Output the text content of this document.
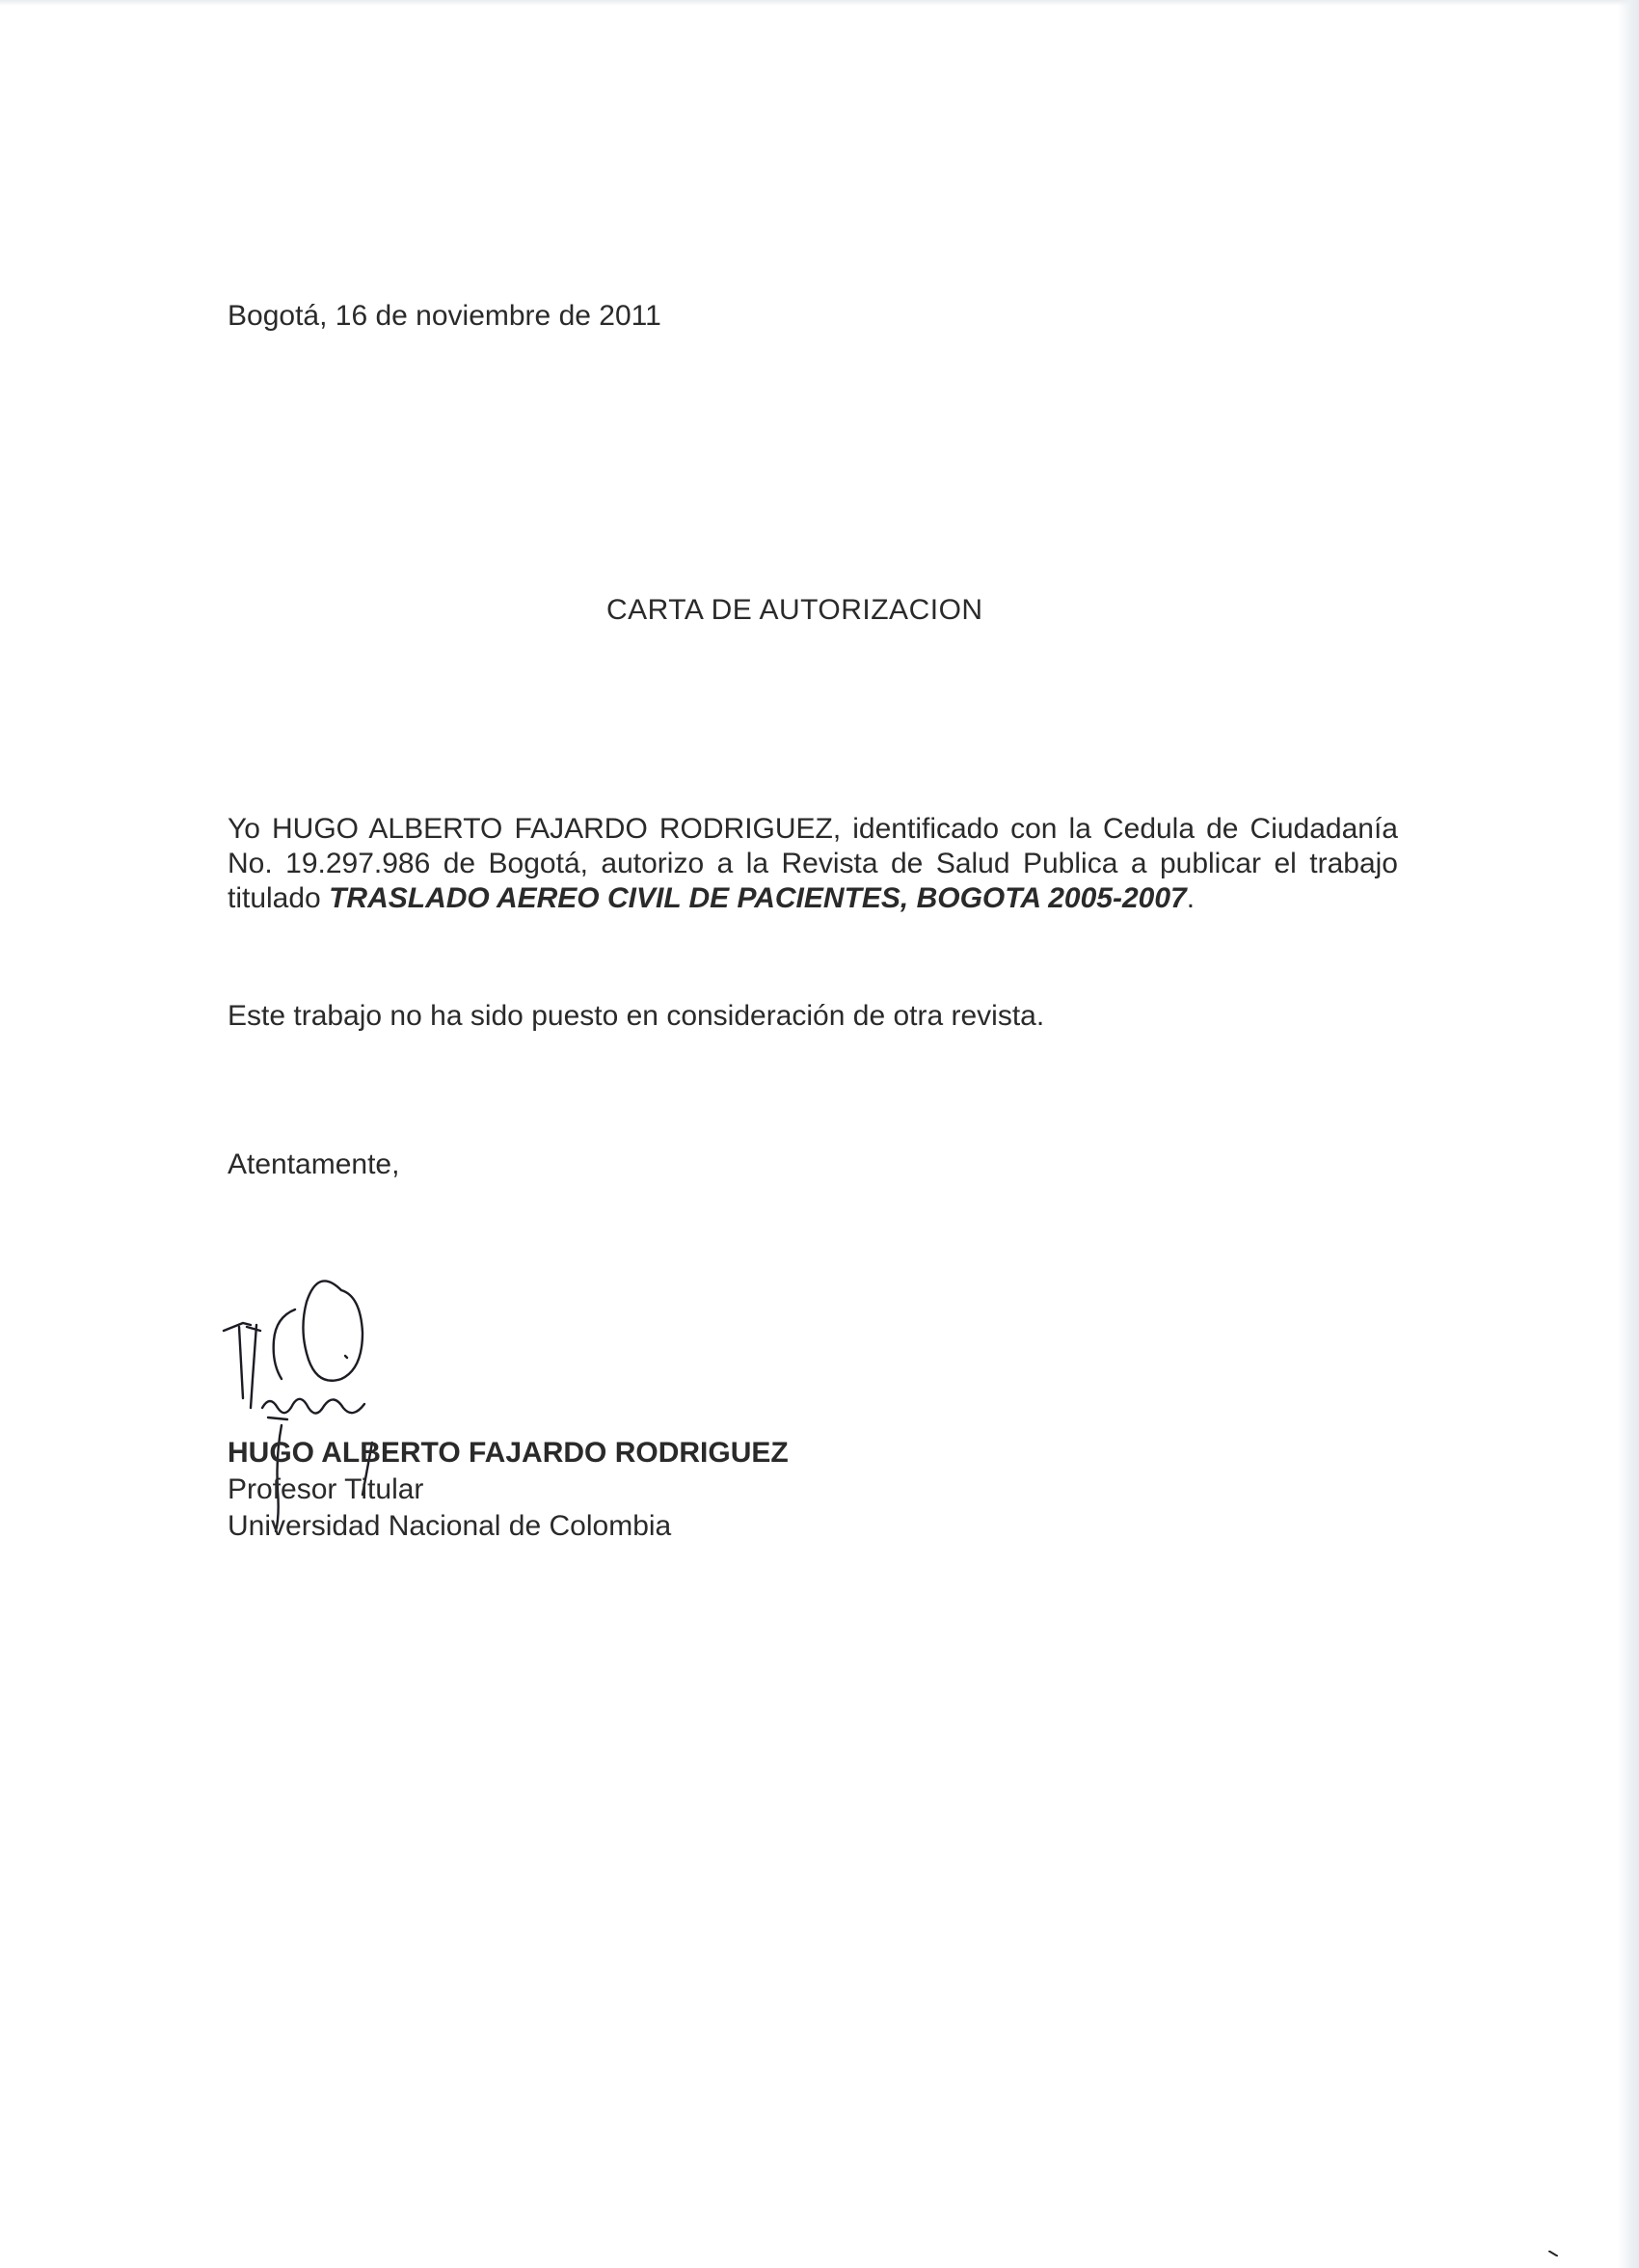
Bogotá, 16 de noviembre de 2011

CARTA DE AUTORIZACION

Yo HUGO ALBERTO FAJARDO RODRIGUEZ, identificado con la Cedula de Ciudadanía No. 19.297.986 de Bogotá, autorizo a la Revista de Salud Publica a publicar el trabajo titulado TRASLADO AEREO CIVIL DE PACIENTES, BOGOTA 2005-2007.

Este trabajo no ha sido puesto en consideración de otra revista.

Atentamente,

HUGO ALBERTO FAJARDO RODRIGUEZ

Profesor Titular

Universidad Nacional de Colombia
